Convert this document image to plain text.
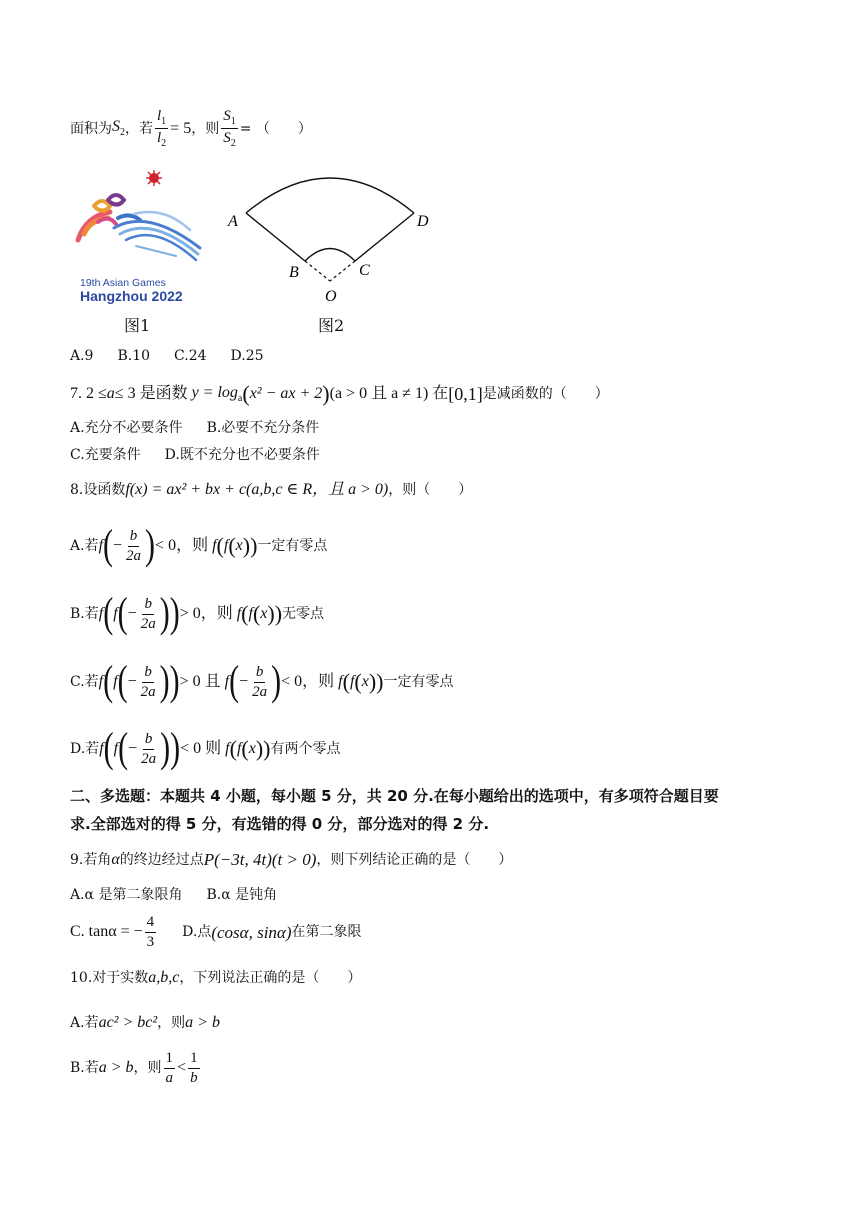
面积为 $S_2$ ，若 $\frac{l_1}{l_2} = 5$ ，则 $\frac{S_1}{S_2}$ = （　　）
19th Asian Games
Hangzhou 2022
图1
A	D
B	C
O
图2
A.9 B.10 C.24 D.25
7. 2 ≤ a ≤ 3 是函数 $y = \log_a$ ( x² − ax + 2 ) (a > 0 且 a ≠ 1) 在 [0,1] 是减函数的（　　）
A.充分不必要条件 B.必要不充分条件
C.充要条件 D.既不充分也不必要条件
8.设函数 f(x) = ax² + bx + c(a,b,c ∈ R，且 a > 0) ，则（　　）
A.若 f ( − $\frac{b}{2a}$ ) < 0，则 f ( f ( x ) ) 一定有零点
B.若 f ( f ( − $\frac{b}{2a}$ ) ) > 0，则 f ( f ( x ) ) 无零点
C.若 f ( f ( − $\frac{b}{2a}$ ) ) > 0 且 f ( − $\frac{b}{2a}$ ) < 0，则 f ( f ( x ) ) 一定有零点
D.若 f ( f ( − $\frac{b}{2a}$ ) ) < 0 则 f ( f ( x ) ) 有两个零点
二、多选题：本题共 4 小题，每小题 5 分，共 20 分.在每小题给出的选项中，有多项符合题目要
求.全部选对的得 5 分，有选错的得 0 分，部分选对的得 2 分.
9.若角 α 的终边经过点 P(−3t, 4t)(t > 0) ，则下列结论正确的是（　　）
A.α 是第二象限角 B.α 是钝角
C. tanα = − $\frac{4}{3} D$.点 (cosα, sinα) 在第二象限
10.对于实数 a,b,c ，下列说法正确的是（　　）
A.若 ac² > bc² ，则 a > b
B.若 a > b ，则 $\frac{1}{a} < \frac{1}{b}$
